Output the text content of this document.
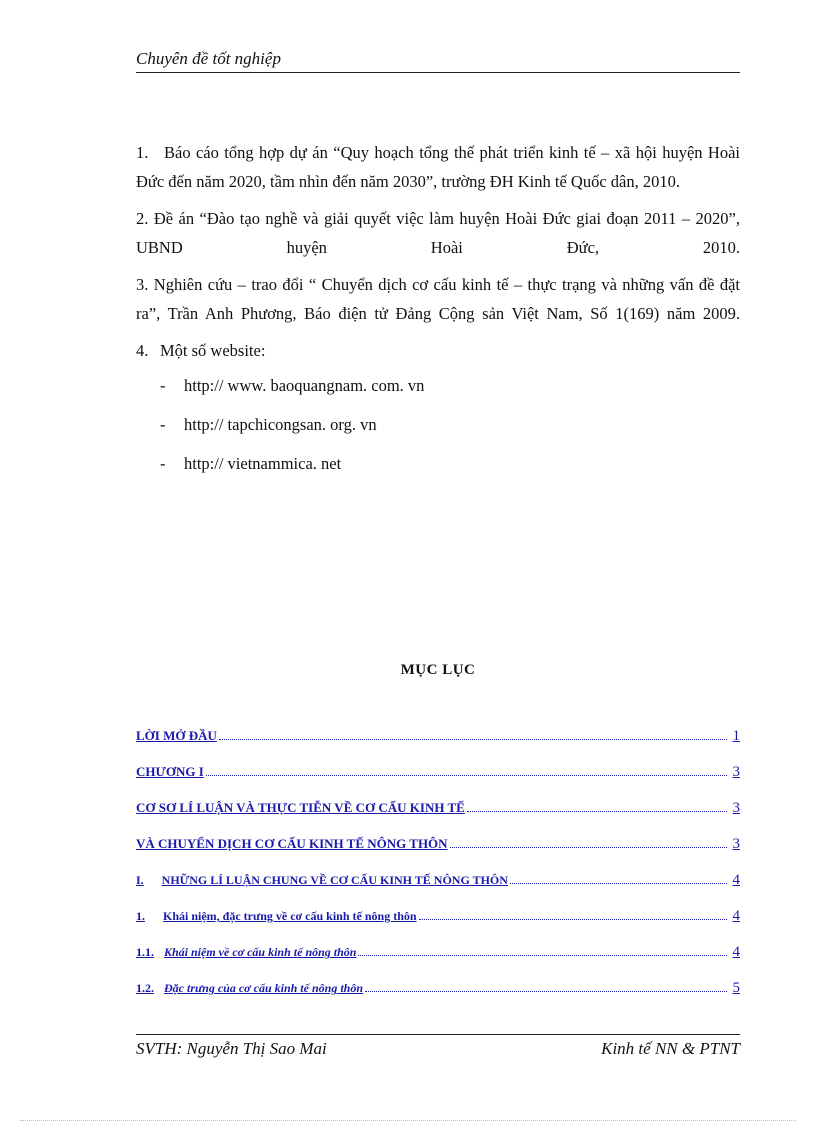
Chuyên đề tốt nghiệp

1. Báo cáo tổng hợp dự án “Quy hoạch tổng thể phát triển kinh tế – xã hội huyện Hoài Đức đến năm 2020, tầm nhìn đến năm 2030”, trường ĐH Kinh tế Quốc dân, 2010.

2. Đề án “Đào tạo nghề và giải quyết việc làm huyện Hoài Đức giai đoạn 2011 – 2020”, UBND huyện Hoài Đức, 2010.

3. Nghiên cứu – trao đổi “ Chuyển dịch cơ cấu kinh tế – thực trạng và những vấn đề đặt ra”, Trần Anh Phương, Báo điện tử Đảng Cộng sản Việt Nam, Số 1(169) năm 2009.

4. Một số website:

- http:// www. baoquangnam. com. vn
- http:// tapchicongsan. org. vn
- http:// vietnammica. net
MỤC LỤC
LỜI MỞ ĐẦU	1
CHƯƠNG I	3
CƠ SƠ LÍ LUẬN VÀ THỰC TIỄN VỀ CƠ CẤU KINH TẾ	3
VÀ CHUYỂN DỊCH CƠ CẤU KINH TẾ NÔNG THÔN	3
I. NHỮNG LÍ LUẬN CHUNG VỀ CƠ CẤU KINH TẾ NÔNG THÔN	4
1. Khái niệm, đặc trưng về cơ cấu kinh tế nông thôn	4
1.1. Khái niệm về cơ cấu kinh tế nông thôn	4
1.2. Đặc trưng của cơ cấu kinh tế nông thôn	5
SVTH: Nguyễn Thị Sao Mai	Kinh tế NN & PTNT
